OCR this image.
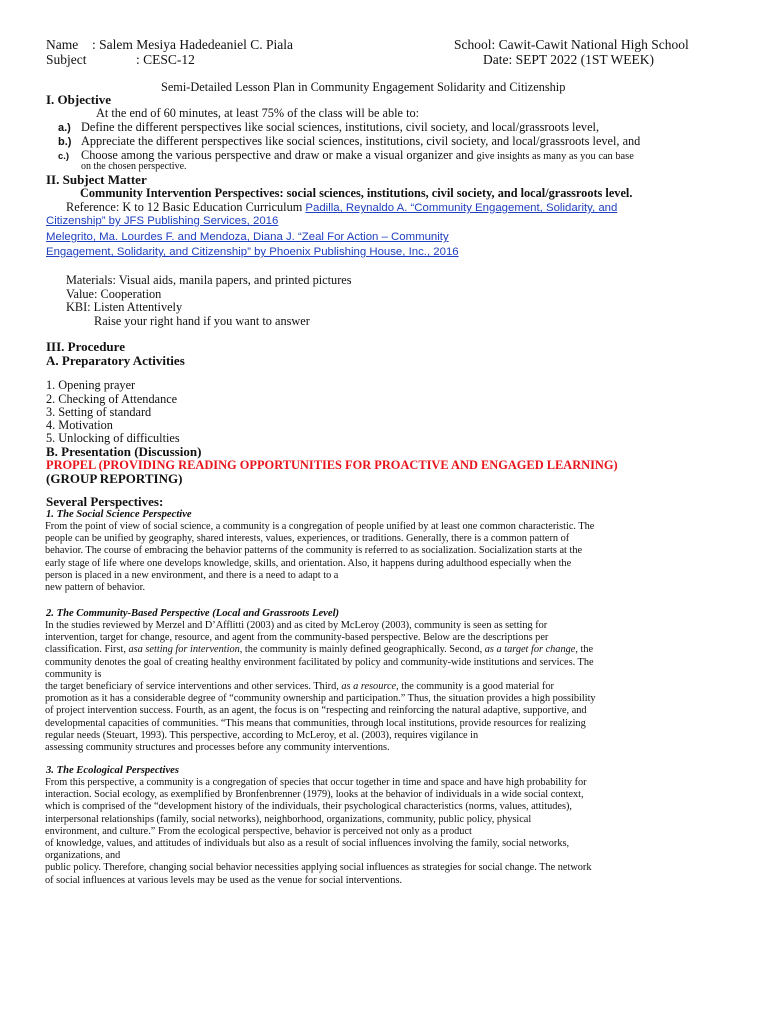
Name : Salem Mesiya Hadedeaniel C. Piala
Subject	: CESC-12
School: Cawit-Cawit National High School
Date: SEPT 2022 (1ST WEEK)
Semi-Detailed Lesson Plan in Community Engagement Solidarity and Citizenship
I. Objective
At the end of 60 minutes, at least 75% of the class will be able to:
a.) Define the different perspectives like social sciences, institutions, civil society, and local/grassroots level,
b.) Appreciate the different perspectives like social sciences, institutions, civil society, and local/grassroots level, and
c.) Choose among the various perspective and draw or make a visual organizer and give insights as many as you can base
on the chosen perspective.
II. Subject Matter
Community Intervention Perspectives: social sciences, institutions, civil society, and local/grassroots level.
Reference: K to 12 Basic Education Curriculum Padilla, Reynaldo A. “Community Engagement, Solidarity, and
Citizenship” by JFS Publishing Services, 2016
Melegrito, Ma. Lourdes F. and Mendoza, Diana J. “Zeal For Action – Community
Engagement, Solidarity, and Citizenship” by Phoenix Publishing House, Inc., 2016
Materials: Visual aids, manila papers, and printed pictures
Value: Cooperation
KBI: Listen Attentively
Raise your right hand if you want to answer
III. Procedure
A. Preparatory Activities
1. Opening prayer
2. Checking of Attendance
3. Setting of standard
4. Motivation
5. Unlocking of difficulties
B. Presentation (Discussion)
PROPEL (PROVIDING READING OPPORTUNITIES FOR PROACTIVE AND ENGAGED LEARNING)
(GROUP REPORTING)
Several Perspectives:
1. The Social Science Perspective
From the point of view of social science, a community is a congregation of people unified by at least one common characteristic. The
people can be unified by geography, shared interests, values, experiences, or traditions. Generally, there is a common pattern of
behavior. The course of embracing the behavior patterns of the community is referred to as socialization. Socialization starts at the
early stage of life where one develops knowledge, skills, and orientation. Also, it happens during adulthood especially when the
person is placed in a new environment, and there is a need to adapt to a
new pattern of behavior.
2. The Community-Based Perspective (Local and Grassroots Level)
In the studies reviewed by Merzel and D’Afflitti (2003) and as cited by McLeroy (2003), community is seen as setting for
intervention, target for change, resource, and agent from the community-based perspective. Below are the descriptions per
classification. First, asa setting for intervention, the community is mainly defined geographically. Second, as a target for change, the
community denotes the goal of creating healthy environment facilitated by policy and community-wide institutions and services. The
community is
the target beneficiary of service interventions and other services. Third, as a resource, the community is a good material for
promotion as it has a considerable degree of “community ownership and participation.” Thus, the situation provides a high possibility
of project intervention success. Fourth, as an agent, the focus is on “respecting and reinforcing the natural adaptive, supportive, and
developmental capacities of communities. “This means that communities, through local institutions, provide resources for realizing
regular needs (Steuart, 1993). This perspective, according to McLeroy, et al. (2003), requires vigilance in
assessing community structures and processes before any community interventions.
3. The Ecological Perspectives
From this perspective, a community is a congregation of species that occur together in time and space and have high probability for
interaction. Social ecology, as exemplified by Bronfenbrenner (1979), looks at the behavior of individuals in a wide social context,
which is comprised of the “development history of the individuals, their psychological characteristics (norms, values, attitudes),
interpersonal relationships (family, social networks), neighborhood, organizations, community, public policy, physical
environment, and culture.” From the ecological perspective, behavior is perceived not only as a product
of knowledge, values, and attitudes of individuals but also as a result of social influences involving the family, social networks,
organizations, and
public policy. Therefore, changing social behavior necessities applying social influences as strategies for social change. The network
of social influences at various levels may be used as the venue for social interventions.
